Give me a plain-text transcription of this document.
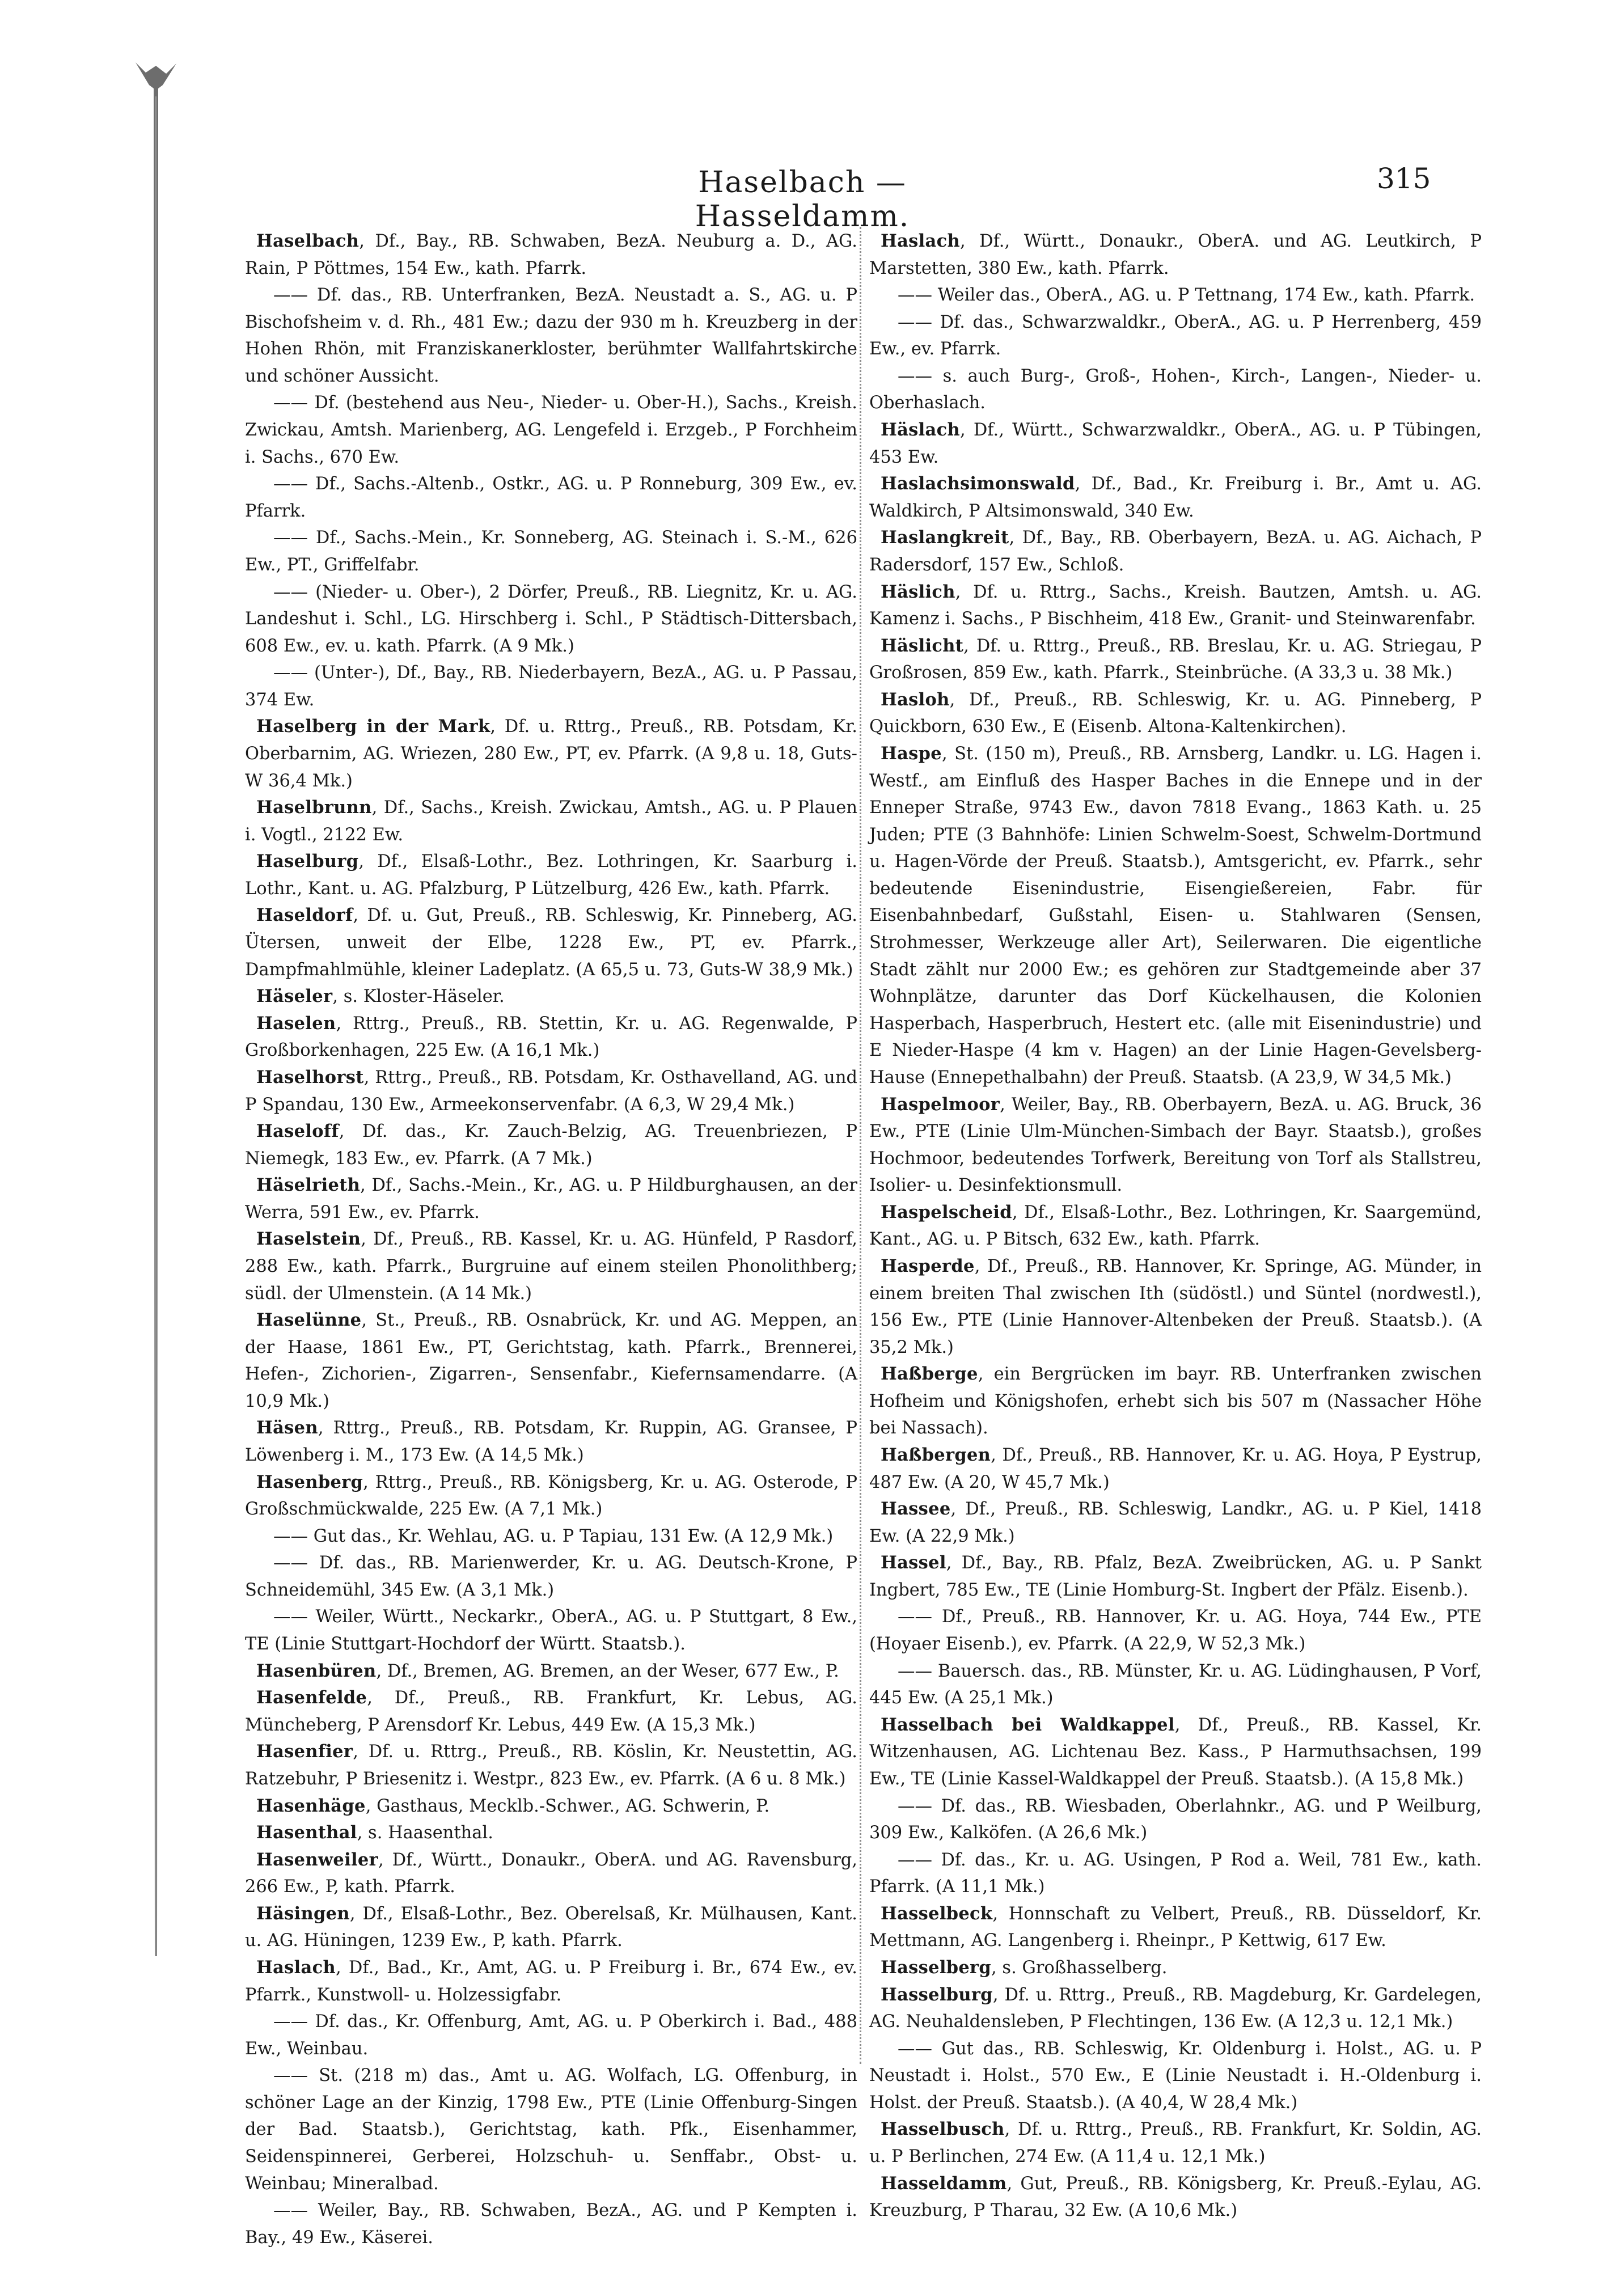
Haselbach — Hasseldamm.
315

Haselbach, Df., Bay., RB. Schwaben, BezA. Neuburg a. D., AG. Rain, P Pöttmes, 154 Ew., kath. Pfarrk.

—— Df. das., RB. Unterfranken, BezA. Neustadt a. S., AG. u. P Bischofsheim v. d. Rh., 481 Ew.; dazu der 930 m h. Kreuzberg in der Hohen Rhön, mit Franziskanerkloster, berühmter Wallfahrtskirche und schöner Aussicht.

—— Df. (bestehend aus Neu-, Nieder- u. Ober-H.), Sachs., Kreish. Zwickau, Amtsh. Marienberg, AG. Lengefeld i. Erzgeb., P Forchheim i. Sachs., 670 Ew.

—— Df., Sachs.-Altenb., Ostkr., AG. u. P Ronneburg, 309 Ew., ev. Pfarrk.

—— Df., Sachs.-Mein., Kr. Sonneberg, AG. Steinach i. S.-M., 626 Ew., PT., Griffelfabr.

—— (Nieder- u. Ober-), 2 Dörfer, Preuß., RB. Liegnitz, Kr. u. AG. Landeshut i. Schl., LG. Hirschberg i. Schl., P Städtisch-Dittersbach, 608 Ew., ev. u. kath. Pfarrk. (A 9 Mk.)

—— (Unter-), Df., Bay., RB. Niederbayern, BezA., AG. u. P Passau, 374 Ew.

Haselberg in der Mark, Df. u. Rttrg., Preuß., RB. Potsdam, Kr. Oberbarnim, AG. Wriezen, 280 Ew., PT, ev. Pfarrk. (A 9,8 u. 18, Guts-W 36,4 Mk.)

Haselbrunn, Df., Sachs., Kreish. Zwickau, Amtsh., AG. u. P Plauen i. Vogtl., 2122 Ew.

Haselburg, Df., Elsaß-Lothr., Bez. Lothringen, Kr. Saarburg i. Lothr., Kant. u. AG. Pfalzburg, P Lützelburg, 426 Ew., kath. Pfarrk.

Haseldorf, Df. u. Gut, Preuß., RB. Schleswig, Kr. Pinneberg, AG. Ütersen, unweit der Elbe, 1228 Ew., PT, ev. Pfarrk., Dampfmahlmühle, kleiner Ladeplatz. (A 65,5 u. 73, Guts-W 38,9 Mk.)

Häseler, s. Kloster-Häseler.

Haselen, Rttrg., Preuß., RB. Stettin, Kr. u. AG. Regenwalde, P Großborkenhagen, 225 Ew. (A 16,1 Mk.)

Haselhorst, Rttrg., Preuß., RB. Potsdam, Kr. Osthavelland, AG. und P Spandau, 130 Ew., Armeekonservenfabr. (A 6,3, W 29,4 Mk.)

Haseloff, Df. das., Kr. Zauch-Belzig, AG. Treuenbriezen, P Niemegk, 183 Ew., ev. Pfarrk. (A 7 Mk.)

Häselrieth, Df., Sachs.-Mein., Kr., AG. u. P Hildburghausen, an der Werra, 591 Ew., ev. Pfarrk.

Haselstein, Df., Preuß., RB. Kassel, Kr. u. AG. Hünfeld, P Rasdorf, 288 Ew., kath. Pfarrk., Burgruine auf einem steilen Phonolithberg; südl. der Ulmenstein. (A 14 Mk.)

Haselünne, St., Preuß., RB. Osnabrück, Kr. und AG. Meppen, an der Haase, 1861 Ew., PT, Gerichtstag, kath. Pfarrk., Brennerei, Hefen-, Zichorien-, Zigarren-, Sensenfabr., Kiefernsamendarre. (A 10,9 Mk.)

Häsen, Rttrg., Preuß., RB. Potsdam, Kr. Ruppin, AG. Gransee, P Löwenberg i. M., 173 Ew. (A 14,5 Mk.)

Hasenberg, Rttrg., Preuß., RB. Königsberg, Kr. u. AG. Osterode, P Großschmückwalde, 225 Ew. (A 7,1 Mk.)

—— Gut das., Kr. Wehlau, AG. u. P Tapiau, 131 Ew. (A 12,9 Mk.)

—— Df. das., RB. Marienwerder, Kr. u. AG. Deutsch-Krone, P Schneidemühl, 345 Ew. (A 3,1 Mk.)

—— Weiler, Württ., Neckarkr., OberA., AG. u. P Stuttgart, 8 Ew., TE (Linie Stuttgart-Hochdorf der Württ. Staatsb.).

Hasenbüren, Df., Bremen, AG. Bremen, an der Weser, 677 Ew., P.

Hasenfelde, Df., Preuß., RB. Frankfurt, Kr. Lebus, AG. Müncheberg, P Arensdorf Kr. Lebus, 449 Ew. (A 15,3 Mk.)

Hasenfier, Df. u. Rttrg., Preuß., RB. Köslin, Kr. Neustettin, AG. Ratzebuhr, P Briesenitz i. Westpr., 823 Ew., ev. Pfarrk. (A 6 u. 8 Mk.)

Hasenhäge, Gasthaus, Mecklb.-Schwer., AG. Schwerin, P.

Hasenthal, s. Haasenthal.

Hasenweiler, Df., Württ., Donaukr., OberA. und AG. Ravensburg, 266 Ew., P, kath. Pfarrk.

Häsingen, Df., Elsaß-Lothr., Bez. Oberelsaß, Kr. Mülhausen, Kant. u. AG. Hüningen, 1239 Ew., P, kath. Pfarrk.

Haslach, Df., Bad., Kr., Amt, AG. u. P Freiburg i. Br., 674 Ew., ev. Pfarrk., Kunstwoll- u. Holzessigfabr.

—— Df. das., Kr. Offenburg, Amt, AG. u. P Oberkirch i. Bad., 488 Ew., Weinbau.

—— St. (218 m) das., Amt u. AG. Wolfach, LG. Offenburg, in schöner Lage an der Kinzig, 1798 Ew., PTE (Linie Offenburg-Singen der Bad. Staatsb.), Gerichtstag, kath. Pfk., Eisenhammer, Seidenspinnerei, Gerberei, Holzschuh- u. Senffabr., Obst- u. Weinbau; Mineralbad.

—— Weiler, Bay., RB. Schwaben, BezA., AG. und P Kempten i. Bay., 49 Ew., Käserei.

Haslach, Df., Württ., Donaukr., OberA. und AG. Leutkirch, P Marstetten, 380 Ew., kath. Pfarrk.

—— Weiler das., OberA., AG. u. P Tettnang, 174 Ew., kath. Pfarrk.

—— Df. das., Schwarzwaldkr., OberA., AG. u. P Herrenberg, 459 Ew., ev. Pfarrk.

—— s. auch Burg-, Groß-, Hohen-, Kirch-, Langen-, Nieder- u. Oberhaslach.

Häslach, Df., Württ., Schwarzwaldkr., OberA., AG. u. P Tübingen, 453 Ew.

Haslachsimonswald, Df., Bad., Kr. Freiburg i. Br., Amt u. AG. Waldkirch, P Altsimonswald, 340 Ew.

Haslangkreit, Df., Bay., RB. Oberbayern, BezA. u. AG. Aichach, P Radersdorf, 157 Ew., Schloß.

Häslich, Df. u. Rttrg., Sachs., Kreish. Bautzen, Amtsh. u. AG. Kamenz i. Sachs., P Bischheim, 418 Ew., Granit- und Steinwarenfabr.

Häslicht, Df. u. Rttrg., Preuß., RB. Breslau, Kr. u. AG. Striegau, P Großrosen, 859 Ew., kath. Pfarrk., Steinbrüche. (A 33,3 u. 38 Mk.)

Hasloh, Df., Preuß., RB. Schleswig, Kr. u. AG. Pinneberg, P Quickborn, 630 Ew., E (Eisenb. Altona-Kaltenkirchen).

Haspe, St. (150 m), Preuß., RB. Arnsberg, Landkr. u. LG. Hagen i. Westf., am Einfluß des Hasper Baches in die Ennepe und in der Enneper Straße, 9743 Ew., davon 7818 Evang., 1863 Kath. u. 25 Juden; PTE (3 Bahnhöfe: Linien Schwelm-Soest, Schwelm-Dortmund u. Hagen-Vörde der Preuß. Staatsb.), Amtsgericht, ev. Pfarrk., sehr bedeutende Eisenindustrie, Eisengießereien, Fabr. für Eisenbahnbedarf, Gußstahl, Eisen- u. Stahlwaren (Sensen, Strohmesser, Werkzeuge aller Art), Seilerwaren. Die eigentliche Stadt zählt nur 2000 Ew.; es gehören zur Stadtgemeinde aber 37 Wohnplätze, darunter das Dorf Kückelhausen, die Kolonien Hasperbach, Hasperbruch, Hestert etc. (alle mit Eisenindustrie) und E Nieder-Haspe (4 km v. Hagen) an der Linie Hagen-Gevelsberg-Hause (Ennepethalbahn) der Preuß. Staatsb. (A 23,9, W 34,5 Mk.)

Haspelmoor, Weiler, Bay., RB. Oberbayern, BezA. u. AG. Bruck, 36 Ew., PTE (Linie Ulm-München-Simbach der Bayr. Staatsb.), großes Hochmoor, bedeutendes Torfwerk, Bereitung von Torf als Stallstreu, Isolier- u. Desinfektionsmull.

Haspelscheid, Df., Elsaß-Lothr., Bez. Lothringen, Kr. Saargemünd, Kant., AG. u. P Bitsch, 632 Ew., kath. Pfarrk.

Hasperde, Df., Preuß., RB. Hannover, Kr. Springe, AG. Münder, in einem breiten Thal zwischen Ith (südöstl.) und Süntel (nordwestl.), 156 Ew., PTE (Linie Hannover-Altenbeken der Preuß. Staatsb.). (A 35,2 Mk.)

Haßberge, ein Bergrücken im bayr. RB. Unterfranken zwischen Hofheim und Königshofen, erhebt sich bis 507 m (Nassacher Höhe bei Nassach).

Haßbergen, Df., Preuß., RB. Hannover, Kr. u. AG. Hoya, P Eystrup, 487 Ew. (A 20, W 45,7 Mk.)

Hassee, Df., Preuß., RB. Schleswig, Landkr., AG. u. P Kiel, 1418 Ew. (A 22,9 Mk.)

Hassel, Df., Bay., RB. Pfalz, BezA. Zweibrücken, AG. u. P Sankt Ingbert, 785 Ew., TE (Linie Homburg-St. Ingbert der Pfälz. Eisenb.).

—— Df., Preuß., RB. Hannover, Kr. u. AG. Hoya, 744 Ew., PTE (Hoyaer Eisenb.), ev. Pfarrk. (A 22,9, W 52,3 Mk.)

—— Bauersch. das., RB. Münster, Kr. u. AG. Lüdinghausen, P Vorf, 445 Ew. (A 25,1 Mk.)

Hasselbach bei Waldkappel, Df., Preuß., RB. Kassel, Kr. Witzenhausen, AG. Lichtenau Bez. Kass., P Harmuthsachsen, 199 Ew., TE (Linie Kassel-Waldkappel der Preuß. Staatsb.). (A 15,8 Mk.)

—— Df. das., RB. Wiesbaden, Oberlahnkr., AG. und P Weilburg, 309 Ew., Kalköfen. (A 26,6 Mk.)

—— Df. das., Kr. u. AG. Usingen, P Rod a. Weil, 781 Ew., kath. Pfarrk. (A 11,1 Mk.)

Hasselbeck, Honnschaft zu Velbert, Preuß., RB. Düsseldorf, Kr. Mettmann, AG. Langenberg i. Rheinpr., P Kettwig, 617 Ew.

Hasselberg, s. Großhasselberg.

Hasselburg, Df. u. Rttrg., Preuß., RB. Magdeburg, Kr. Gardelegen, AG. Neuhaldensleben, P Flechtingen, 136 Ew. (A 12,3 u. 12,1 Mk.)

—— Gut das., RB. Schleswig, Kr. Oldenburg i. Holst., AG. u. P Neustadt i. Holst., 570 Ew., E (Linie Neustadt i. H.-Oldenburg i. Holst. der Preuß. Staatsb.). (A 40,4, W 28,4 Mk.)

Hasselbusch, Df. u. Rttrg., Preuß., RB. Frankfurt, Kr. Soldin, AG. u. P Berlinchen, 274 Ew. (A 11,4 u. 12,1 Mk.)

Hasseldamm, Gut, Preuß., RB. Königsberg, Kr. Preuß.-Eylau, AG. Kreuzburg, P Tharau, 32 Ew. (A 10,6 Mk.)
